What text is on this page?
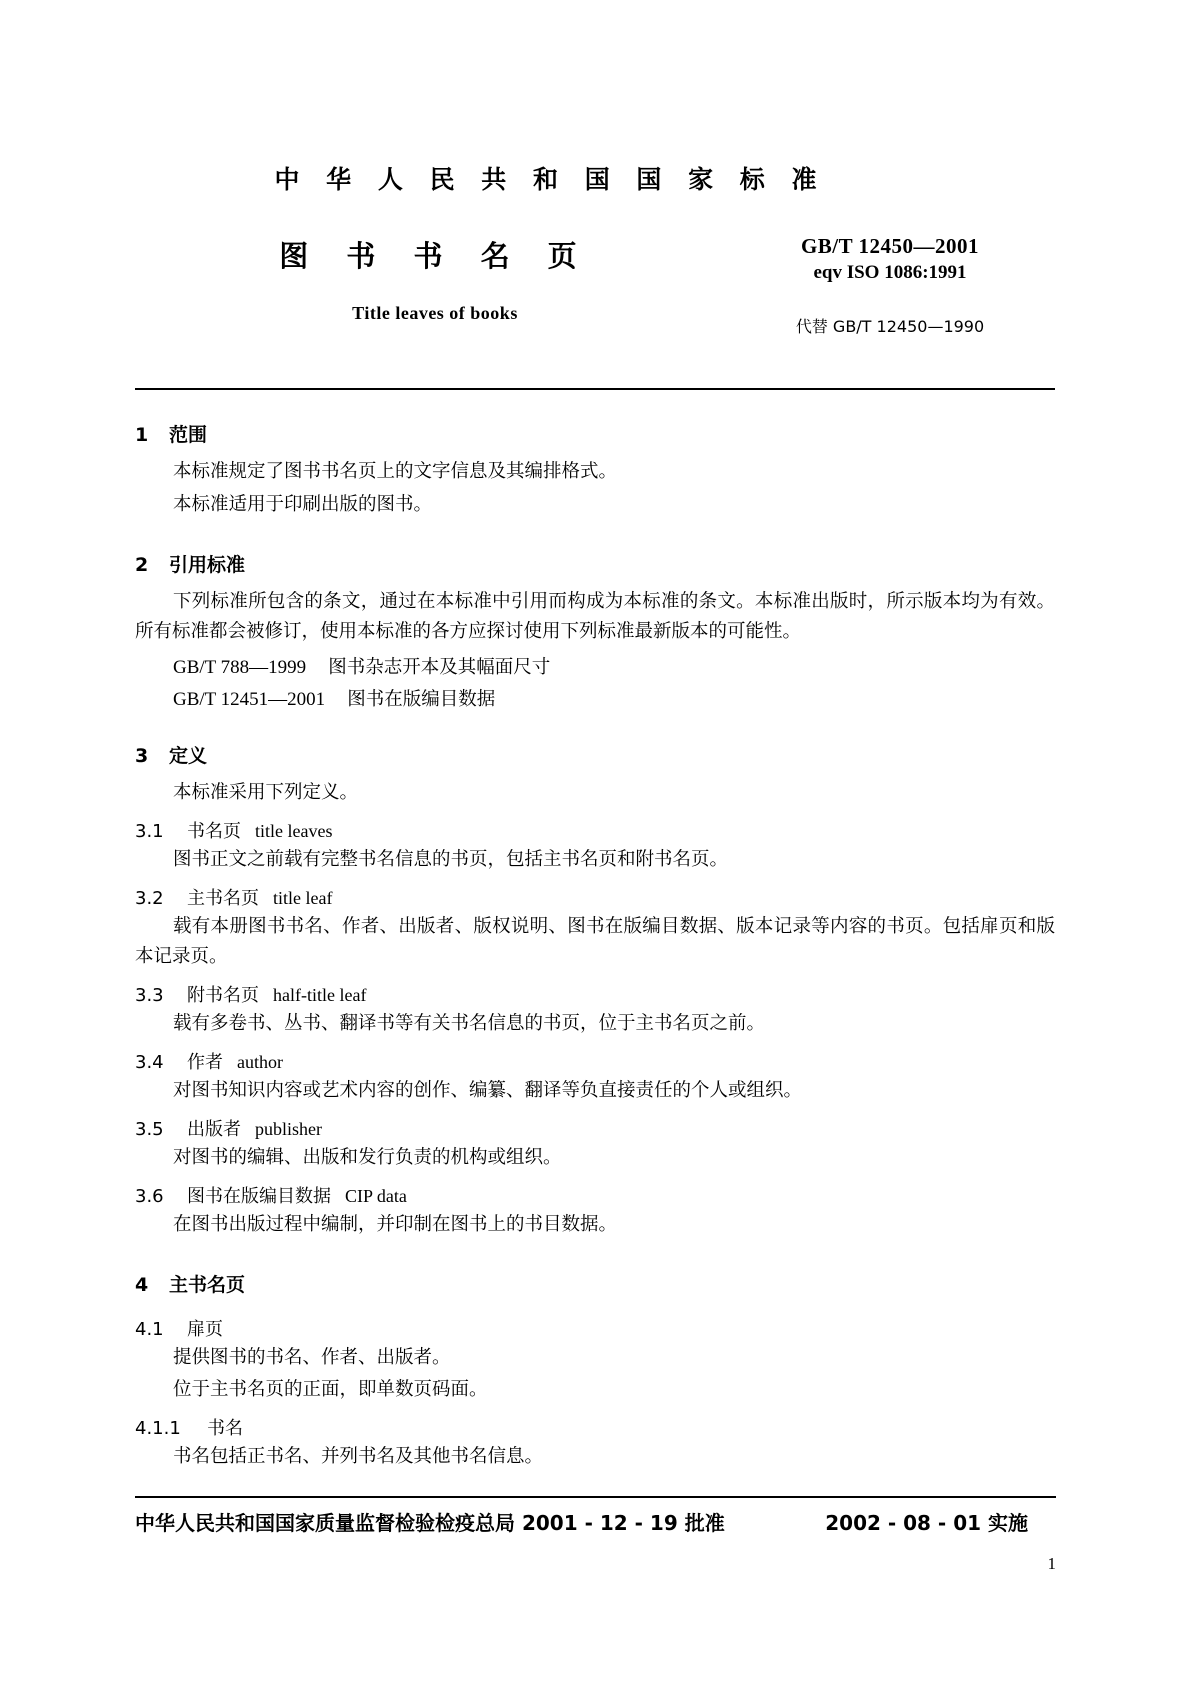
中 华 人 民 共 和 国 国 家 标 准
图 书 书 名 页
Title leaves of books
GB/T 12450—2001
eqv ISO 1086:1991
代替 GB/T 12450—1990
1 范围

本标准规定了图书书名页上的文字信息及其编排格式。

本标准适用于印刷出版的图书。

2 引用标准

下列标准所包含的条文，通过在本标准中引用而构成为本标准的条文。本标准出版时，所示版本均为有效。所有标准都会被修订，使用本标准的各方应探讨使用下列标准最新版本的可能性。

GB/T 788—1999 图书杂志开本及其幅面尺寸

GB/T 12451—2001 图书在版编目数据

3 定义

本标准采用下列定义。

3.1 书名页 title leaves

图书正文之前载有完整书名信息的书页，包括主书名页和附书名页。

3.2 主书名页 title leaf

载有本册图书书名、作者、出版者、版权说明、图书在版编目数据、版本记录等内容的书页。包括扉页和版本记录页。

3.3 附书名页 half-title leaf

载有多卷书、丛书、翻译书等有关书名信息的书页，位于主书名页之前。

3.4 作者 author

对图书知识内容或艺术内容的创作、编纂、翻译等负直接责任的个人或组织。

3.5 出版者 publisher

对图书的编辑、出版和发行负责的机构或组织。

3.6 图书在版编目数据 CIP data

在图书出版过程中编制，并印制在图书上的书目数据。

4 主书名页
4.1 扉页

提供图书的书名、作者、出版者。

位于主书名页的正面，即单数页码面。

4.1.1 书名

书名包括正书名、并列书名及其他书名信息。

中华人民共和国国家质量监督检验检疫总局 2001 - 12 - 19 批准	2002 - 08 - 01 实施
1
